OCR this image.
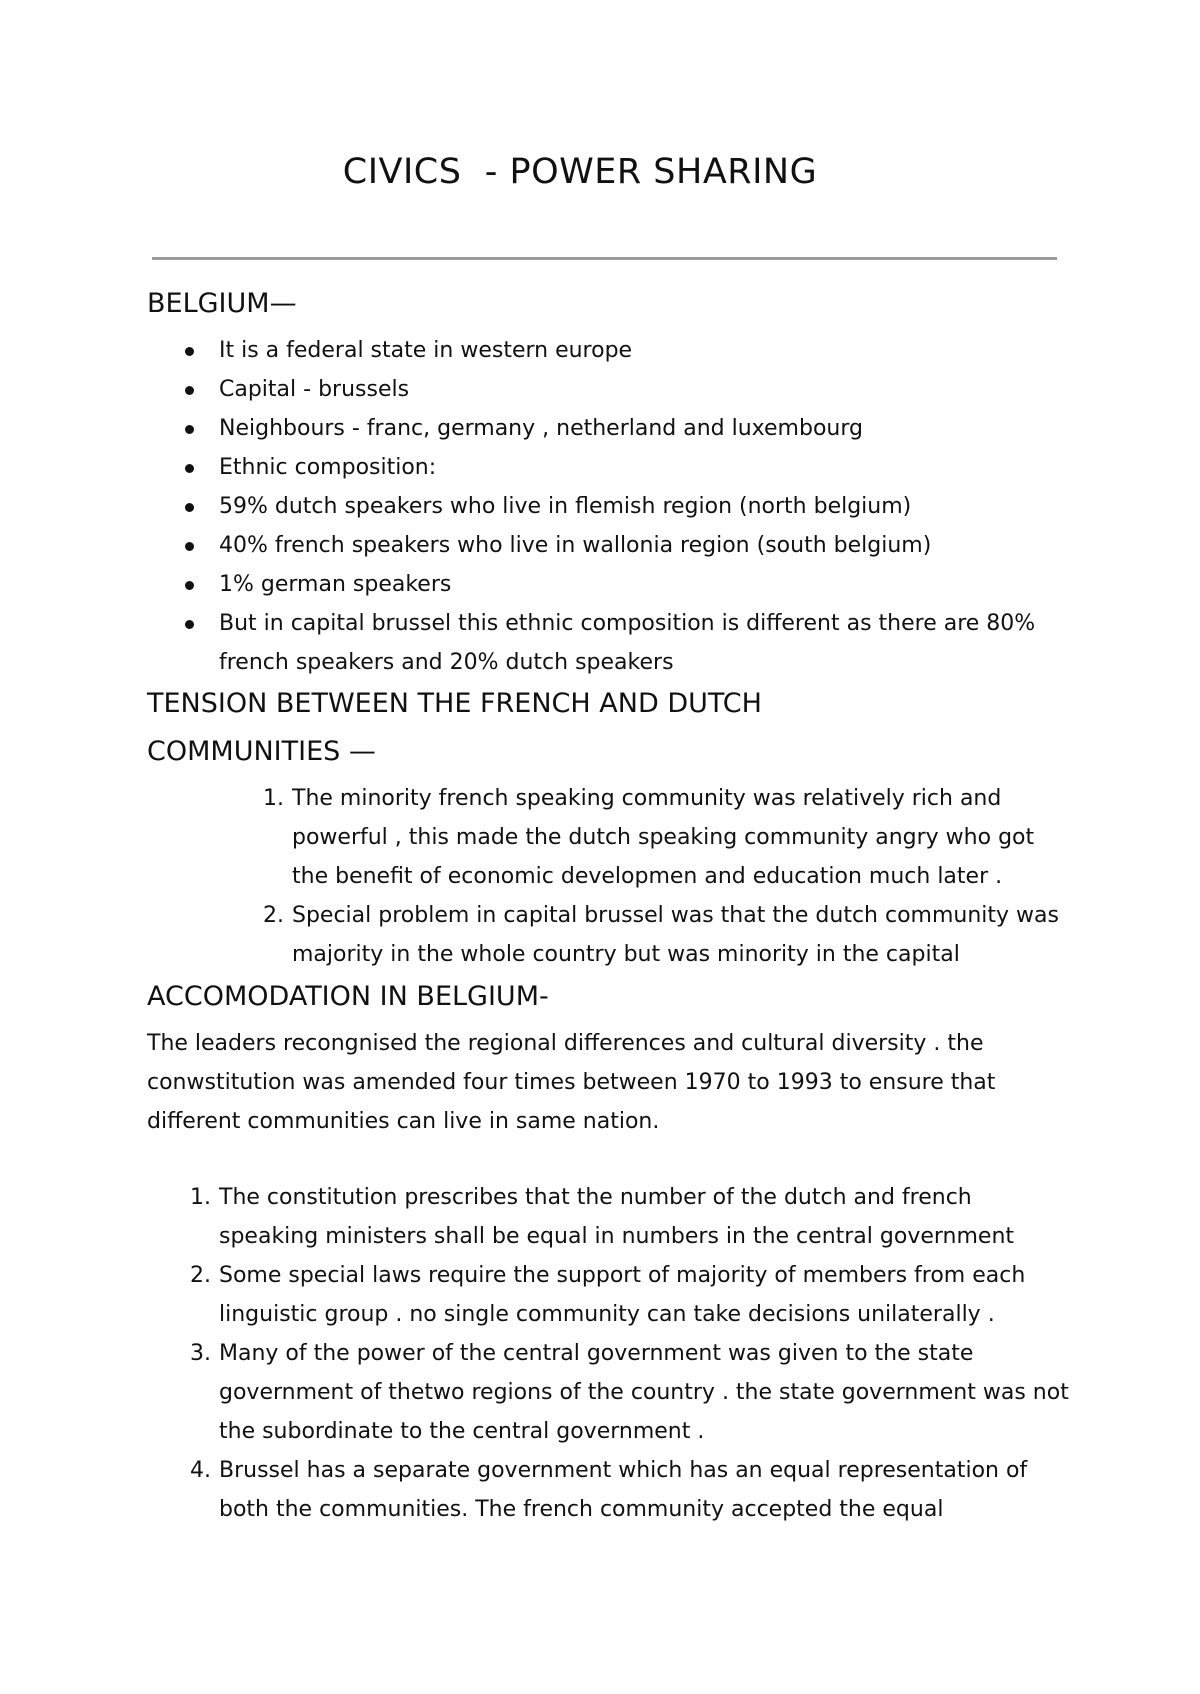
CIVICS  - POWER SHARING
BELGIUM—
It is a federal state in western europe
Capital - brussels
Neighbours - franc, germany , netherland and luxembourg
Ethnic composition:
59% dutch speakers who live in flemish region (north belgium)
40% french speakers who live in wallonia region (south belgium)
1% german speakers
But in capital brussel this ethnic composition is different as there are 80% french speakers and 20% dutch speakers
TENSION BETWEEN THE FRENCH AND DUTCH
COMMUNITIES —
1. The minority french speaking community was relatively rich and powerful , this made the dutch speaking community angry who got the benefit of economic developmen and education much later .
2. Special problem in capital brussel was that the dutch community was majority in the whole country but was minority in the capital
ACCOMODATION IN BELGIUM-

The leaders recongnised the regional differences and cultural diversity . the conwstitution was amended four times between 1970 to 1993 to ensure that different communities can live in same nation.

1. The constitution prescribes that the number of the dutch and french speaking ministers shall be equal in numbers in the central government
2. Some special laws require the support of majority of members from each linguistic group . no single community can take decisions unilaterally .
3. Many of the power of the central government was given to the state government of thetwo regions of the country . the state government was not the subordinate to the central government .
4. Brussel has a separate government which has an equal representation of both the communities. The french community accepted the equal
